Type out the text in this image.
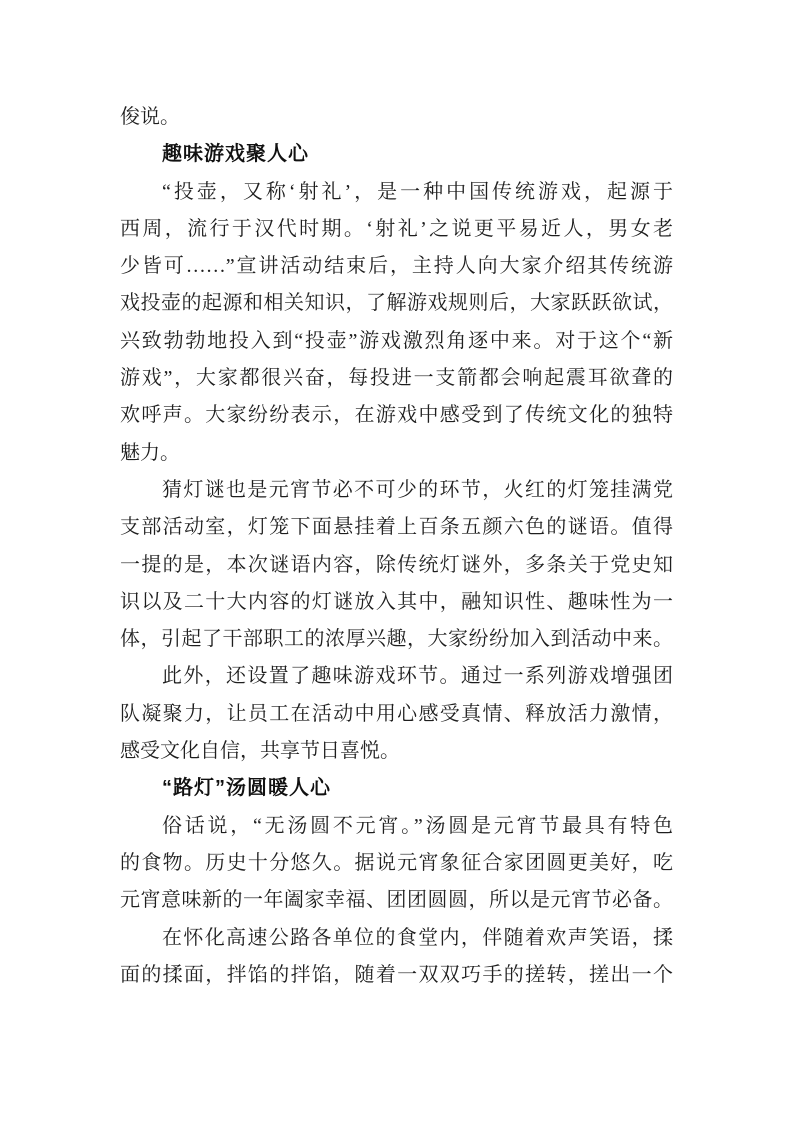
俊说。
趣味游戏聚人心
“投壶，又称‘射礼’，是一种中国传统游戏，起源于
西周，流行于汉代时期。‘射礼’之说更平易近人，男女老
少皆可……”宣讲活动结束后，主持人向大家介绍其传统游
戏投壶的起源和相关知识，了解游戏规则后，大家跃跃欲试，
兴致勃勃地投入到“投壶”游戏激烈角逐中来。对于这个“新
游戏”，大家都很兴奋，每投进一支箭都会响起震耳欲聋的
欢呼声。大家纷纷表示，在游戏中感受到了传统文化的独特
魅力。
猜灯谜也是元宵节必不可少的环节，火红的灯笼挂满党
支部活动室，灯笼下面悬挂着上百条五颜六色的谜语。值得
一提的是，本次谜语内容，除传统灯谜外，多条关于党史知
识以及二十大内容的灯谜放入其中，融知识性、趣味性为一
体，引起了干部职工的浓厚兴趣，大家纷纷加入到活动中来。
此外，还设置了趣味游戏环节。通过一系列游戏增强团
队凝聚力，让员工在活动中用心感受真情、释放活力激情，
感受文化自信，共享节日喜悦。
“路灯”汤圆暖人心
俗话说，“无汤圆不元宵。”汤圆是元宵节最具有特色
的食物。历史十分悠久。据说元宵象征合家团圆更美好，吃
元宵意味新的一年阖家幸福、团团圆圆，所以是元宵节必备。
在怀化高速公路各单位的食堂内，伴随着欢声笑语，揉
面的揉面，拌馅的拌馅，随着一双双巧手的搓转，搓出一个
